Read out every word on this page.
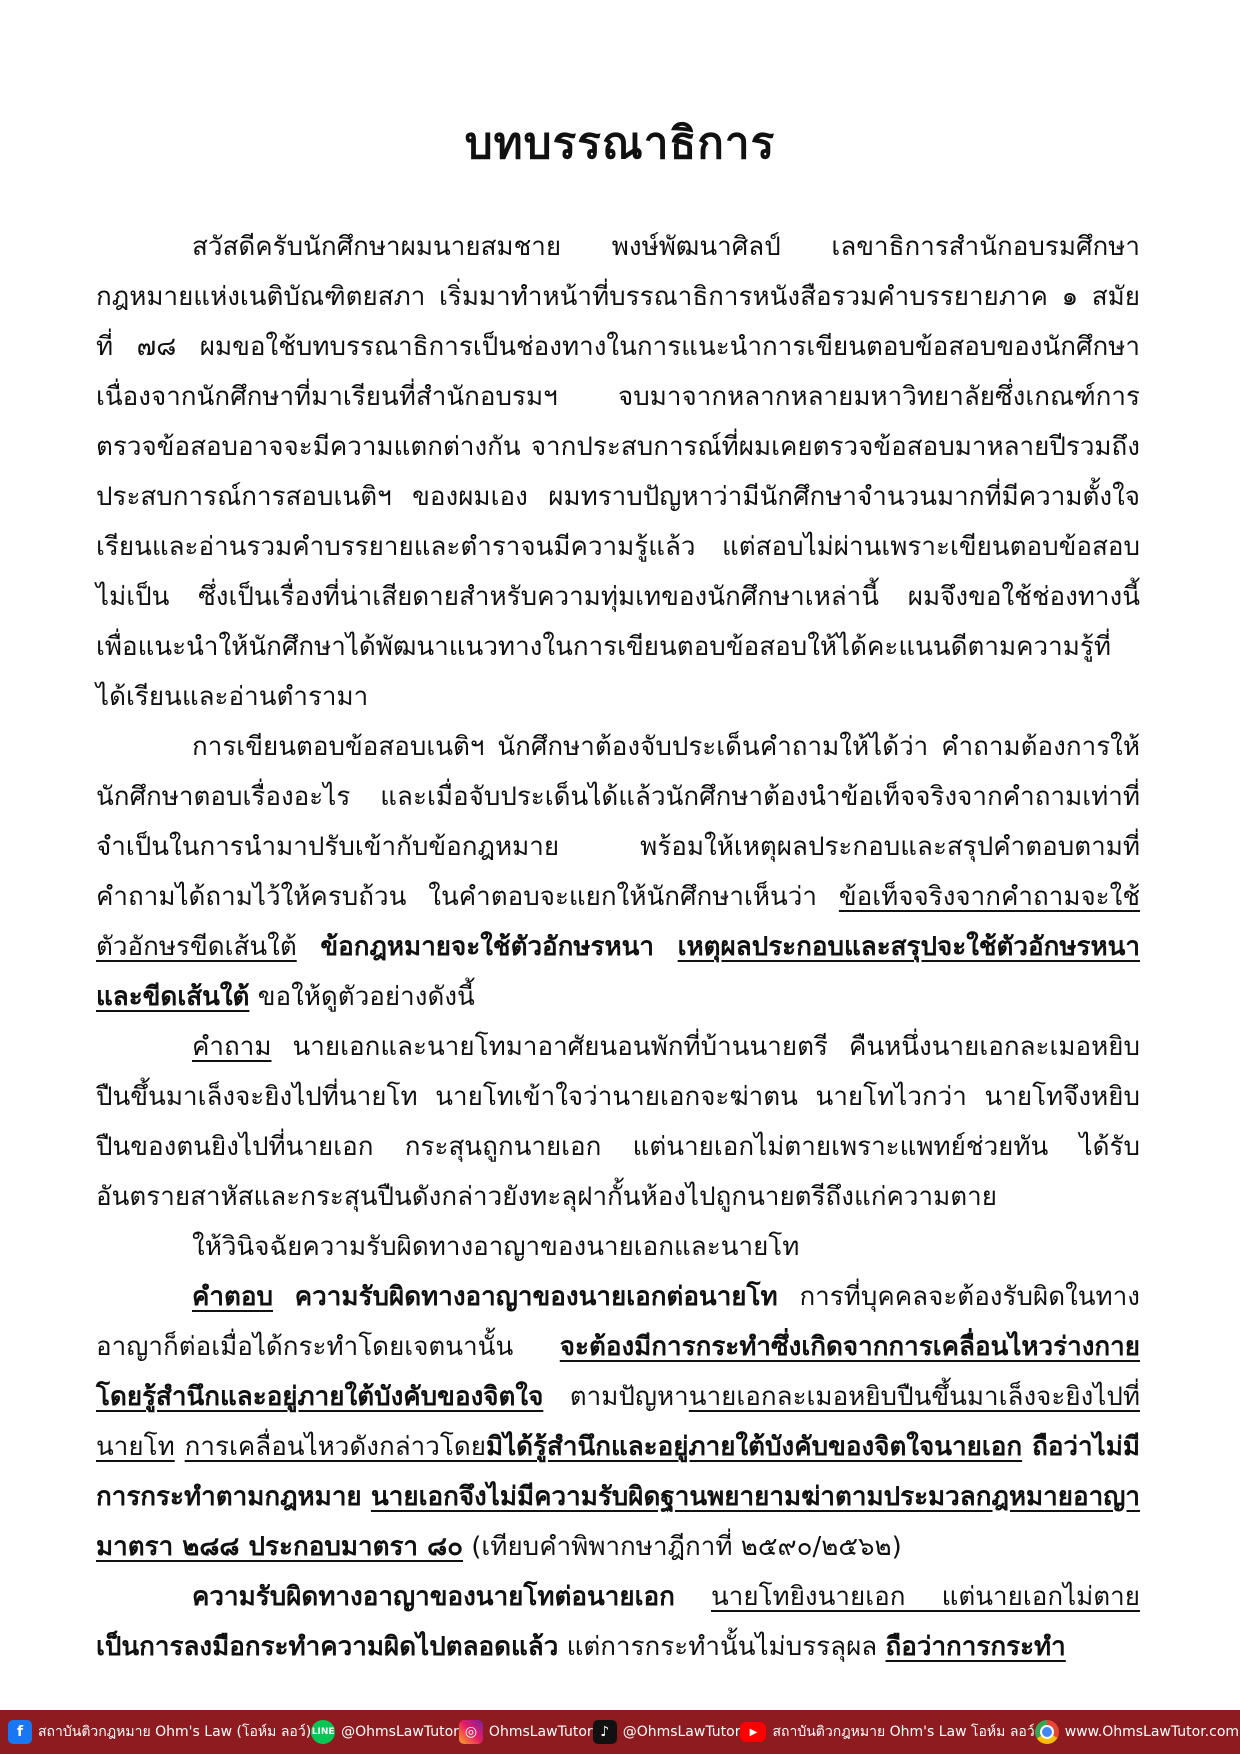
บทบรรณาธิการ

สวัสดีครับนักศึกษาผมนายสมชาย พงษ์พัฒนาศิลป์ เลขาธิการสำนักอบรมศึกษากฎหมายแห่งเนติบัณฑิตยสภา เริ่มมาทำหน้าที่บรรณาธิการหนังสือรวมคำบรรยายภาค ๑ สมัยที่ ๗๘ ผมขอใช้บทบรรณาธิการเป็นช่องทางในการแนะนำการเขียนตอบข้อสอบของนักศึกษา เนื่องจากนักศึกษาที่มาเรียนที่สำนักอบรมฯ จบมาจากหลากหลายมหาวิทยาลัยซึ่งเกณฑ์การตรวจข้อสอบอาจจะมีความแตกต่างกัน จากประสบการณ์ที่ผมเคยตรวจข้อสอบมาหลายปีรวมถึงประสบการณ์การสอบเนติฯ ของผมเอง ผมทราบปัญหาว่ามีนักศึกษาจำนวนมากที่มีความตั้งใจเรียนและอ่านรวมคำบรรยายและตำราจนมีความรู้แล้ว แต่สอบไม่ผ่านเพราะเขียนตอบข้อสอบไม่เป็น ซึ่งเป็นเรื่องที่น่าเสียดายสำหรับความทุ่มเทของนักศึกษาเหล่านี้ ผมจึงขอใช้ช่องทางนี้เพื่อแนะนำให้นักศึกษาได้พัฒนาแนวทางในการเขียนตอบข้อสอบให้ได้คะแนนดีตามความรู้ที่ได้เรียนและอ่านตำรามา

การเขียนตอบข้อสอบเนติฯ นักศึกษาต้องจับประเด็นคำถามให้ได้ว่า คำถามต้องการให้นักศึกษาตอบเรื่องอะไร และเมื่อจับประเด็นได้แล้วนักศึกษาต้องนำข้อเท็จจริงจากคำถามเท่าที่จำเป็นในการนำมาปรับเข้ากับข้อกฎหมาย พร้อมให้เหตุผลประกอบและสรุปคำตอบตามที่คำถามได้ถามไว้ให้ครบถ้วน ในคำตอบจะแยกให้นักศึกษาเห็นว่า ข้อเท็จจริงจากคำถามจะใช้ตัวอักษรขีดเส้นใต้ ข้อกฎหมายจะใช้ตัวอักษรหนา เหตุผลประกอบและสรุปจะใช้ตัวอักษรหนาและขีดเส้นใต้ ขอให้ดูตัวอย่างดังนี้

คำถาม นายเอกและนายโทมาอาศัยนอนพักที่บ้านนายตรี คืนหนึ่งนายเอกละเมอหยิบปืนขึ้นมาเล็งจะยิงไปที่นายโท นายโทเข้าใจว่านายเอกจะฆ่าตน นายโทไวกว่า นายโทจึงหยิบปืนของตนยิงไปที่นายเอก กระสุนถูกนายเอก แต่นายเอกไม่ตายเพราะแพทย์ช่วยทัน ได้รับอันตรายสาหัสและกระสุนปืนดังกล่าวยังทะลุฝากั้นห้องไปถูกนายตรีถึงแก่ความตาย

ให้วินิจฉัยความรับผิดทางอาญาของนายเอกและนายโท

คำตอบ ความรับผิดทางอาญาของนายเอกต่อนายโท การที่บุคคลจะต้องรับผิดในทางอาญาก็ต่อเมื่อได้กระทำโดยเจตนานั้น จะต้องมีการกระทำซึ่งเกิดจากการเคลื่อนไหวร่างกายโดยรู้สำนึกและอยู่ภายใต้บังคับของจิตใจ ตามปัญหานายเอกละเมอหยิบปืนขึ้นมาเล็งจะยิงไปที่นายโท การเคลื่อนไหวดังกล่าวโดยมิได้รู้สำนึกและอยู่ภายใต้บังคับของจิตใจนายเอก ถือว่าไม่มีการกระทำตามกฎหมาย นายเอกจึงไม่มีความรับผิดฐานพยายามฆ่าตามประมวลกฎหมายอาญามาตรา ๒๘๘ ประกอบมาตรา ๘๐ (เทียบคำพิพากษาฎีกาที่ ๒๕๙๐/๒๕๖๒)

ความรับผิดทางอาญาของนายโทต่อนายเอก นายโทยิงนายเอก แต่นายเอกไม่ตาย เป็นการลงมือกระทำความผิดไปตลอดแล้ว แต่การกระทำนั้นไม่บรรลุผล ถือว่าการกระทำ

f	สถาบันติวกฎหมาย Ohm's Law (โอห์ม ลอว์) LINE @OhmsLawTutor ◎ OhmsLawTutor ♪ @OhmsLawTutor ▶	สถาบันติวกฎหมาย Ohm's Law โอห์ม ลอว์ www.OhmsLawTutor.com
